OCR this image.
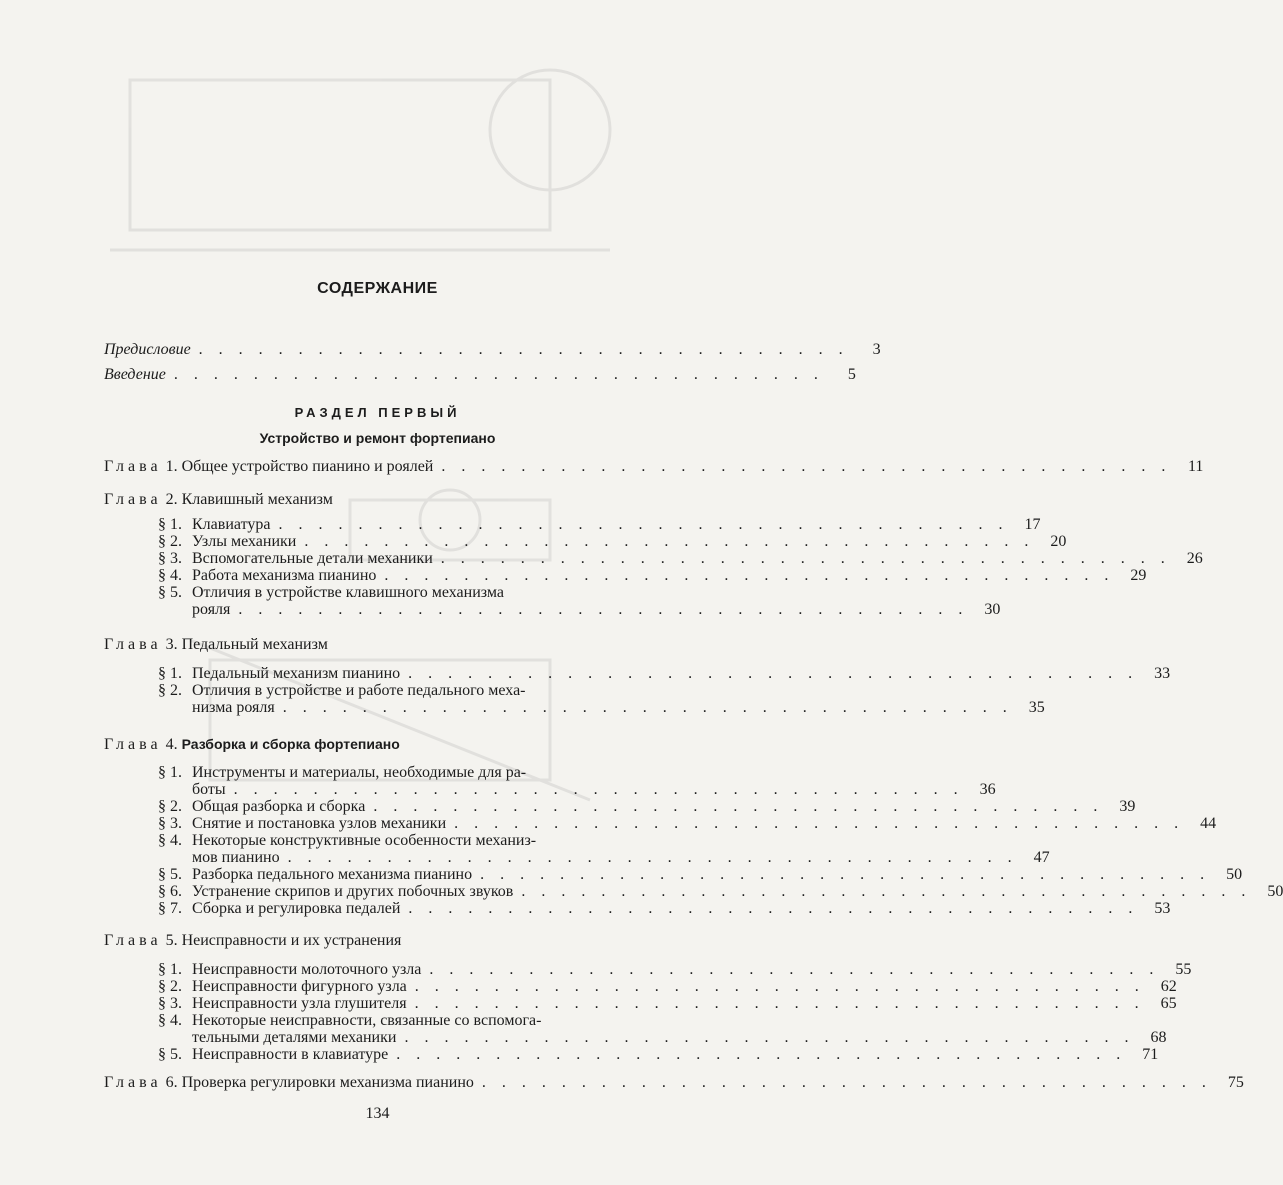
СОДЕРЖАНИЕ
Предисловие . . . . . . . . . . . . . . . . . . . . . . . . . . . . . . . . .	3
Введение . . . . . . . . . . . . . . . . . . . . . . . . . . . . . . . . .	5
РАЗДЕЛ ПЕРВЫЙ
Устройство и ремонт фортепиано
Глава 1. Общее устройство пианино и роялей . . . . . . . . . . . . . . . . . . . . . . . . . . . . . . . . . . . . .	11
Глава 2. Клавишный механизм
§ 1. Клавиатура . . . . . . . . . . . . . . . . . . . . . . . . . . . . . . . . . . . . .	17
§ 2. Узлы механики . . . . . . . . . . . . . . . . . . . . . . . . . . . . . . . . . . . . .	20
§ 3. Вспомогательные детали механики . . . . . . . . . . . . . . . . . . . . . . . . . . . . . . . . . . . . .	26
§ 4. Работа механизма пианино . . . . . . . . . . . . . . . . . . . . . . . . . . . . . . . . . . . . .	29
§ 5. Отличия в устройстве клавишного механизма
рояля . . . . . . . . . . . . . . . . . . . . . . . . . . . . . . . . . . . . .	30
Глава 3. Педальный механизм
§ 1. Педальный механизм пианино . . . . . . . . . . . . . . . . . . . . . . . . . . . . . . . . . . . . .	33
§ 2. Отличия в устройстве и работе педального меха-
низма рояля . . . . . . . . . . . . . . . . . . . . . . . . . . . . . . . . . . . . .	35
Глава 4. Разборка и сборка фортепиано
§ 1. Инструменты и материалы, необходимые для ра-
боты . . . . . . . . . . . . . . . . . . . . . . . . . . . . . . . . . . . . .	36
§ 2. Общая разборка и сборка . . . . . . . . . . . . . . . . . . . . . . . . . . . . . . . . . . . . .	39
§ 3. Снятие и постановка узлов механики . . . . . . . . . . . . . . . . . . . . . . . . . . . . . . . . . . . . .	44
§ 4. Некоторые конструктивные особенности механиз-
мов пианино . . . . . . . . . . . . . . . . . . . . . . . . . . . . . . . . . . . . .	47
§ 5. Разборка педального механизма пианино . . . . . . . . . . . . . . . . . . . . . . . . . . . . . . . . . . . . .	50
§ 6. Устранение скрипов и других побочных звуков . . . . . . . . . . . . . . . . . . . . . . . . . . . . . . . . . . . . .	50
§ 7. Сборка и регулировка педалей . . . . . . . . . . . . . . . . . . . . . . . . . . . . . . . . . . . . .	53
Глава 5. Неисправности и их устранения
§ 1. Неисправности молоточного узла . . . . . . . . . . . . . . . . . . . . . . . . . . . . . . . . . . . . .	55
§ 2. Неисправности фигурного узла . . . . . . . . . . . . . . . . . . . . . . . . . . . . . . . . . . . . .	62
§ 3. Неисправности узла глушителя . . . . . . . . . . . . . . . . . . . . . . . . . . . . . . . . . . . . .	65
§ 4. Некоторые неисправности, связанные со вспомога-
тельными деталями механики . . . . . . . . . . . . . . . . . . . . . . . . . . . . . . . . . . . . .	68
§ 5. Неисправности в клавиатуре . . . . . . . . . . . . . . . . . . . . . . . . . . . . . . . . . . . . .	71
Глава 6. Проверка регулировки механизма пианино . . . . . . . . . . . . . . . . . . . . . . . . . . . . . . . . . . . . .	75
134
